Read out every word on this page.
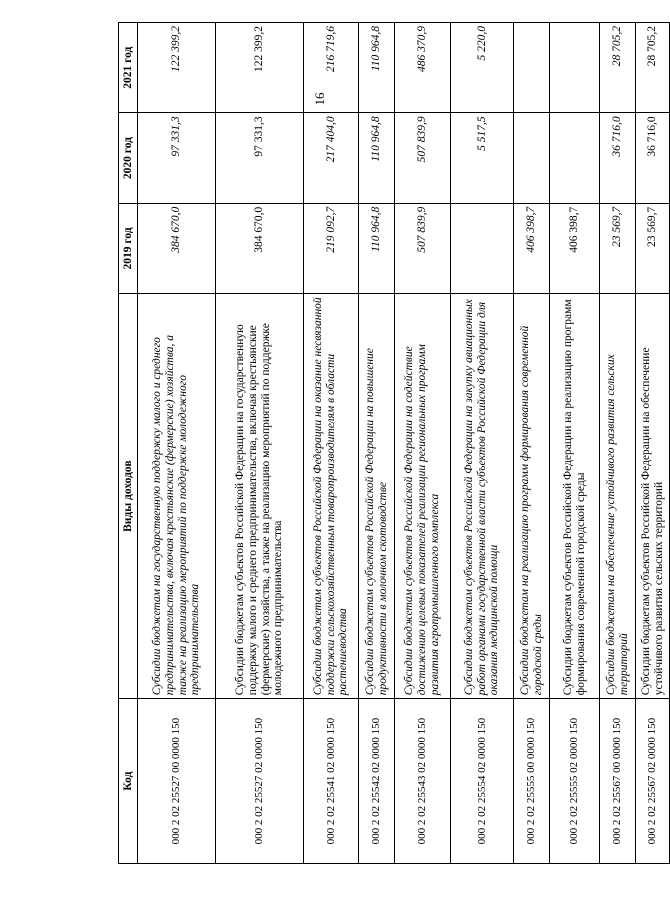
16
Код	Виды доходов	2019 год	2020 год	2021 год
000 2 02 25527 00 0000 150	Субсидии бюджетам на государственную поддержку малого и среднего предпринимательства, включая крестьянские (фермерские) хозяйства, а также на реализацию мероприятий по поддержке молодежного предпринимательства	384 670,0	97 331,3	122 399,2
000 2 02 25527 02 0000 150	Субсидии бюджетам субъектов Российской Федерации на государственную поддержку малого и среднего предпринимательства, включая крестьянские (фермерские) хозяйства, а также на реализацию мероприятий по поддержке молодежного предпринимательства	384 670,0	97 331,3	122 399,2
000 2 02 25541 02 0000 150	Субсидии бюджетам субъектов Российской Федерации на оказание несвязанной поддержки сельскохозяйственным товаропроизводителям в области растениеводства	219 092,7	217 404,0	216 719,6
000 2 02 25542 02 0000 150	Субсидии бюджетам субъектов Российской Федерации на повышение продуктивности в молочном скотоводстве	110 964,8	110 964,8	110 964,8
000 2 02 25543 02 0000 150	Субсидии бюджетам субъектов Российской Федерации на содействие достижению целевых показателей реализации региональных программ развития агропромышленного комплекса	507 839,9	507 839,9	486 370,9
000 2 02 25554 02 0000 150	Субсидии бюджетам субъектов Российской Федерации на закупку авиационных работ органами государственной власти субъектов Российской Федерации для оказания медицинской помощи		5 517,5	5 220,0
000 2 02 25555 00 0000 150	Субсидии бюджетам на реализацию программ формирования современной городской среды	406 398,7		
000 2 02 25555 02 0000 150	Субсидии бюджетам субъектов Российской Федерации на реализацию программ формирования современной городской среды	406 398,7		
000 2 02 25567 00 0000 150	Субсидии бюджетам на обеспечение устойчивого развития сельских территорий	23 569,7	36 716,0	28 705,2
000 2 02 25567 02 0000 150	Субсидии бюджетам субъектов Российской Федерации на обеспечение устойчивого развития сельских территорий	23 569,7	36 716,0	28 705,2
